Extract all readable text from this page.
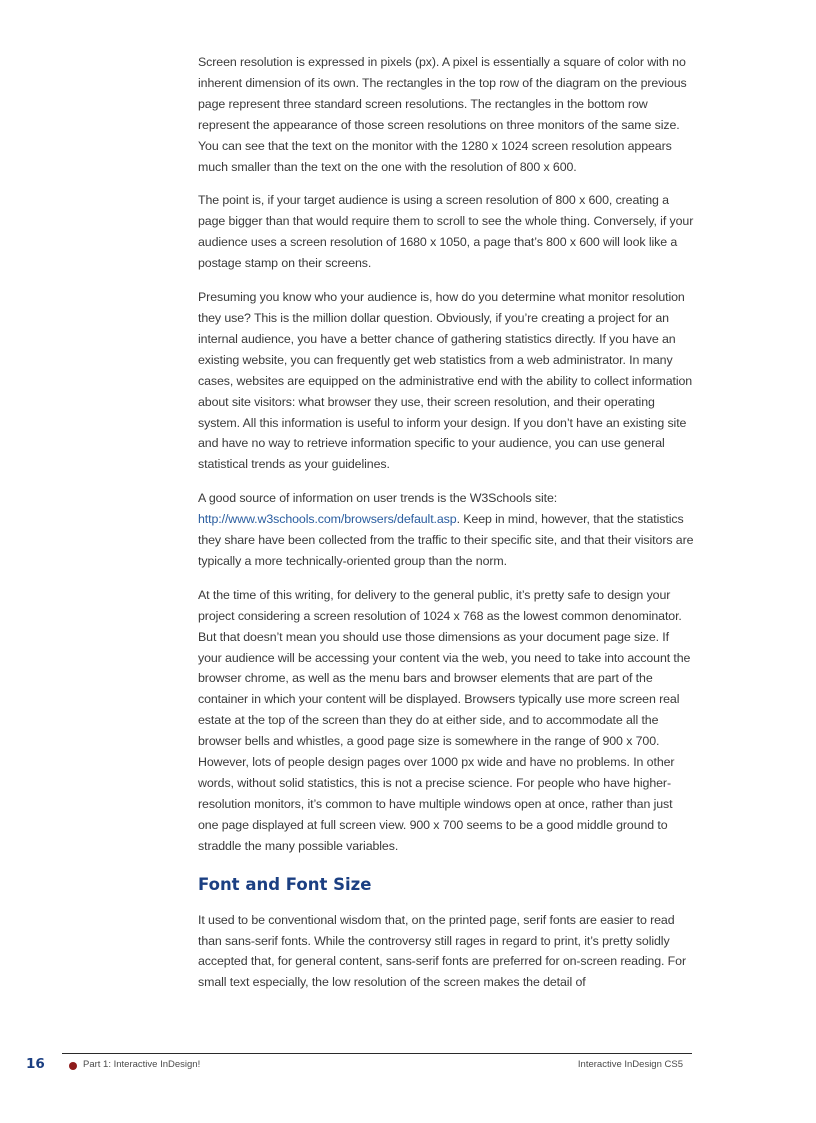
Screen resolution is expressed in pixels (px). A pixel is essentially a square of color with no inherent dimension of its own. The rectangles in the top row of the diagram on the previous page represent three standard screen resolutions. The rectangles in the bottom row represent the appearance of those screen resolutions on three monitors of the same size. You can see that the text on the monitor with the 1280 x 1024 screen resolution appears much smaller than the text on the one with the resolution of 800 x 600.

The point is, if your target audience is using a screen resolution of 800 x 600, creating a page bigger than that would require them to scroll to see the whole thing. Conversely, if your audience uses a screen resolution of 1680 x 1050, a page that’s 800 x 600 will look like a postage stamp on their screens.

Presuming you know who your audience is, how do you determine what monitor resolution they use? This is the million dollar question. Obviously, if you’re creating a project for an internal audience, you have a better chance of gathering statistics directly. If you have an existing website, you can frequently get web statistics from a web administrator. In many cases, websites are equipped on the administrative end with the ability to collect information about site visitors: what browser they use, their screen resolution, and their operating system. All this information is useful to inform your design. If you don’t have an existing site and have no way to retrieve information specific to your audience, you can use general statistical trends as your guidelines.

A good source of information on user trends is the W3Schools site: http://www.w3schools.com/browsers/default.asp. Keep in mind, however, that the statistics they share have been collected from the traffic to their specific site, and that their visitors are typically a more technically-oriented group than the norm.

At the time of this writing, for delivery to the general public, it’s pretty safe to design your project considering a screen resolution of 1024 x 768 as the lowest common denominator. But that doesn’t mean you should use those dimensions as your document page size. If your audience will be accessing your content via the web, you need to take into account the browser chrome, as well as the menu bars and browser elements that are part of the container in which your content will be displayed. Browsers typically use more screen real estate at the top of the screen than they do at either side, and to accommodate all the browser bells and whistles, a good page size is somewhere in the range of 900 x 700. However, lots of people design pages over 1000 px wide and have no problems. In other words, without solid statistics, this is not a precise science. For people who have higher-resolution monitors, it’s common to have multiple windows open at once, rather than just one page displayed at full screen view. 900 x 700 seems to be a good middle ground to straddle the many possible variables.

Font and Font Size

It used to be conventional wisdom that, on the printed page, serif fonts are easier to read than sans-serif fonts. While the controversy still rages in regard to print, it’s pretty solidly accepted that, for general content, sans-serif fonts are preferred for on-screen reading. For small text especially, the low resolution of the screen makes the detail of

16	Part 1: Interactive InDesign!	Interactive InDesign CS5
